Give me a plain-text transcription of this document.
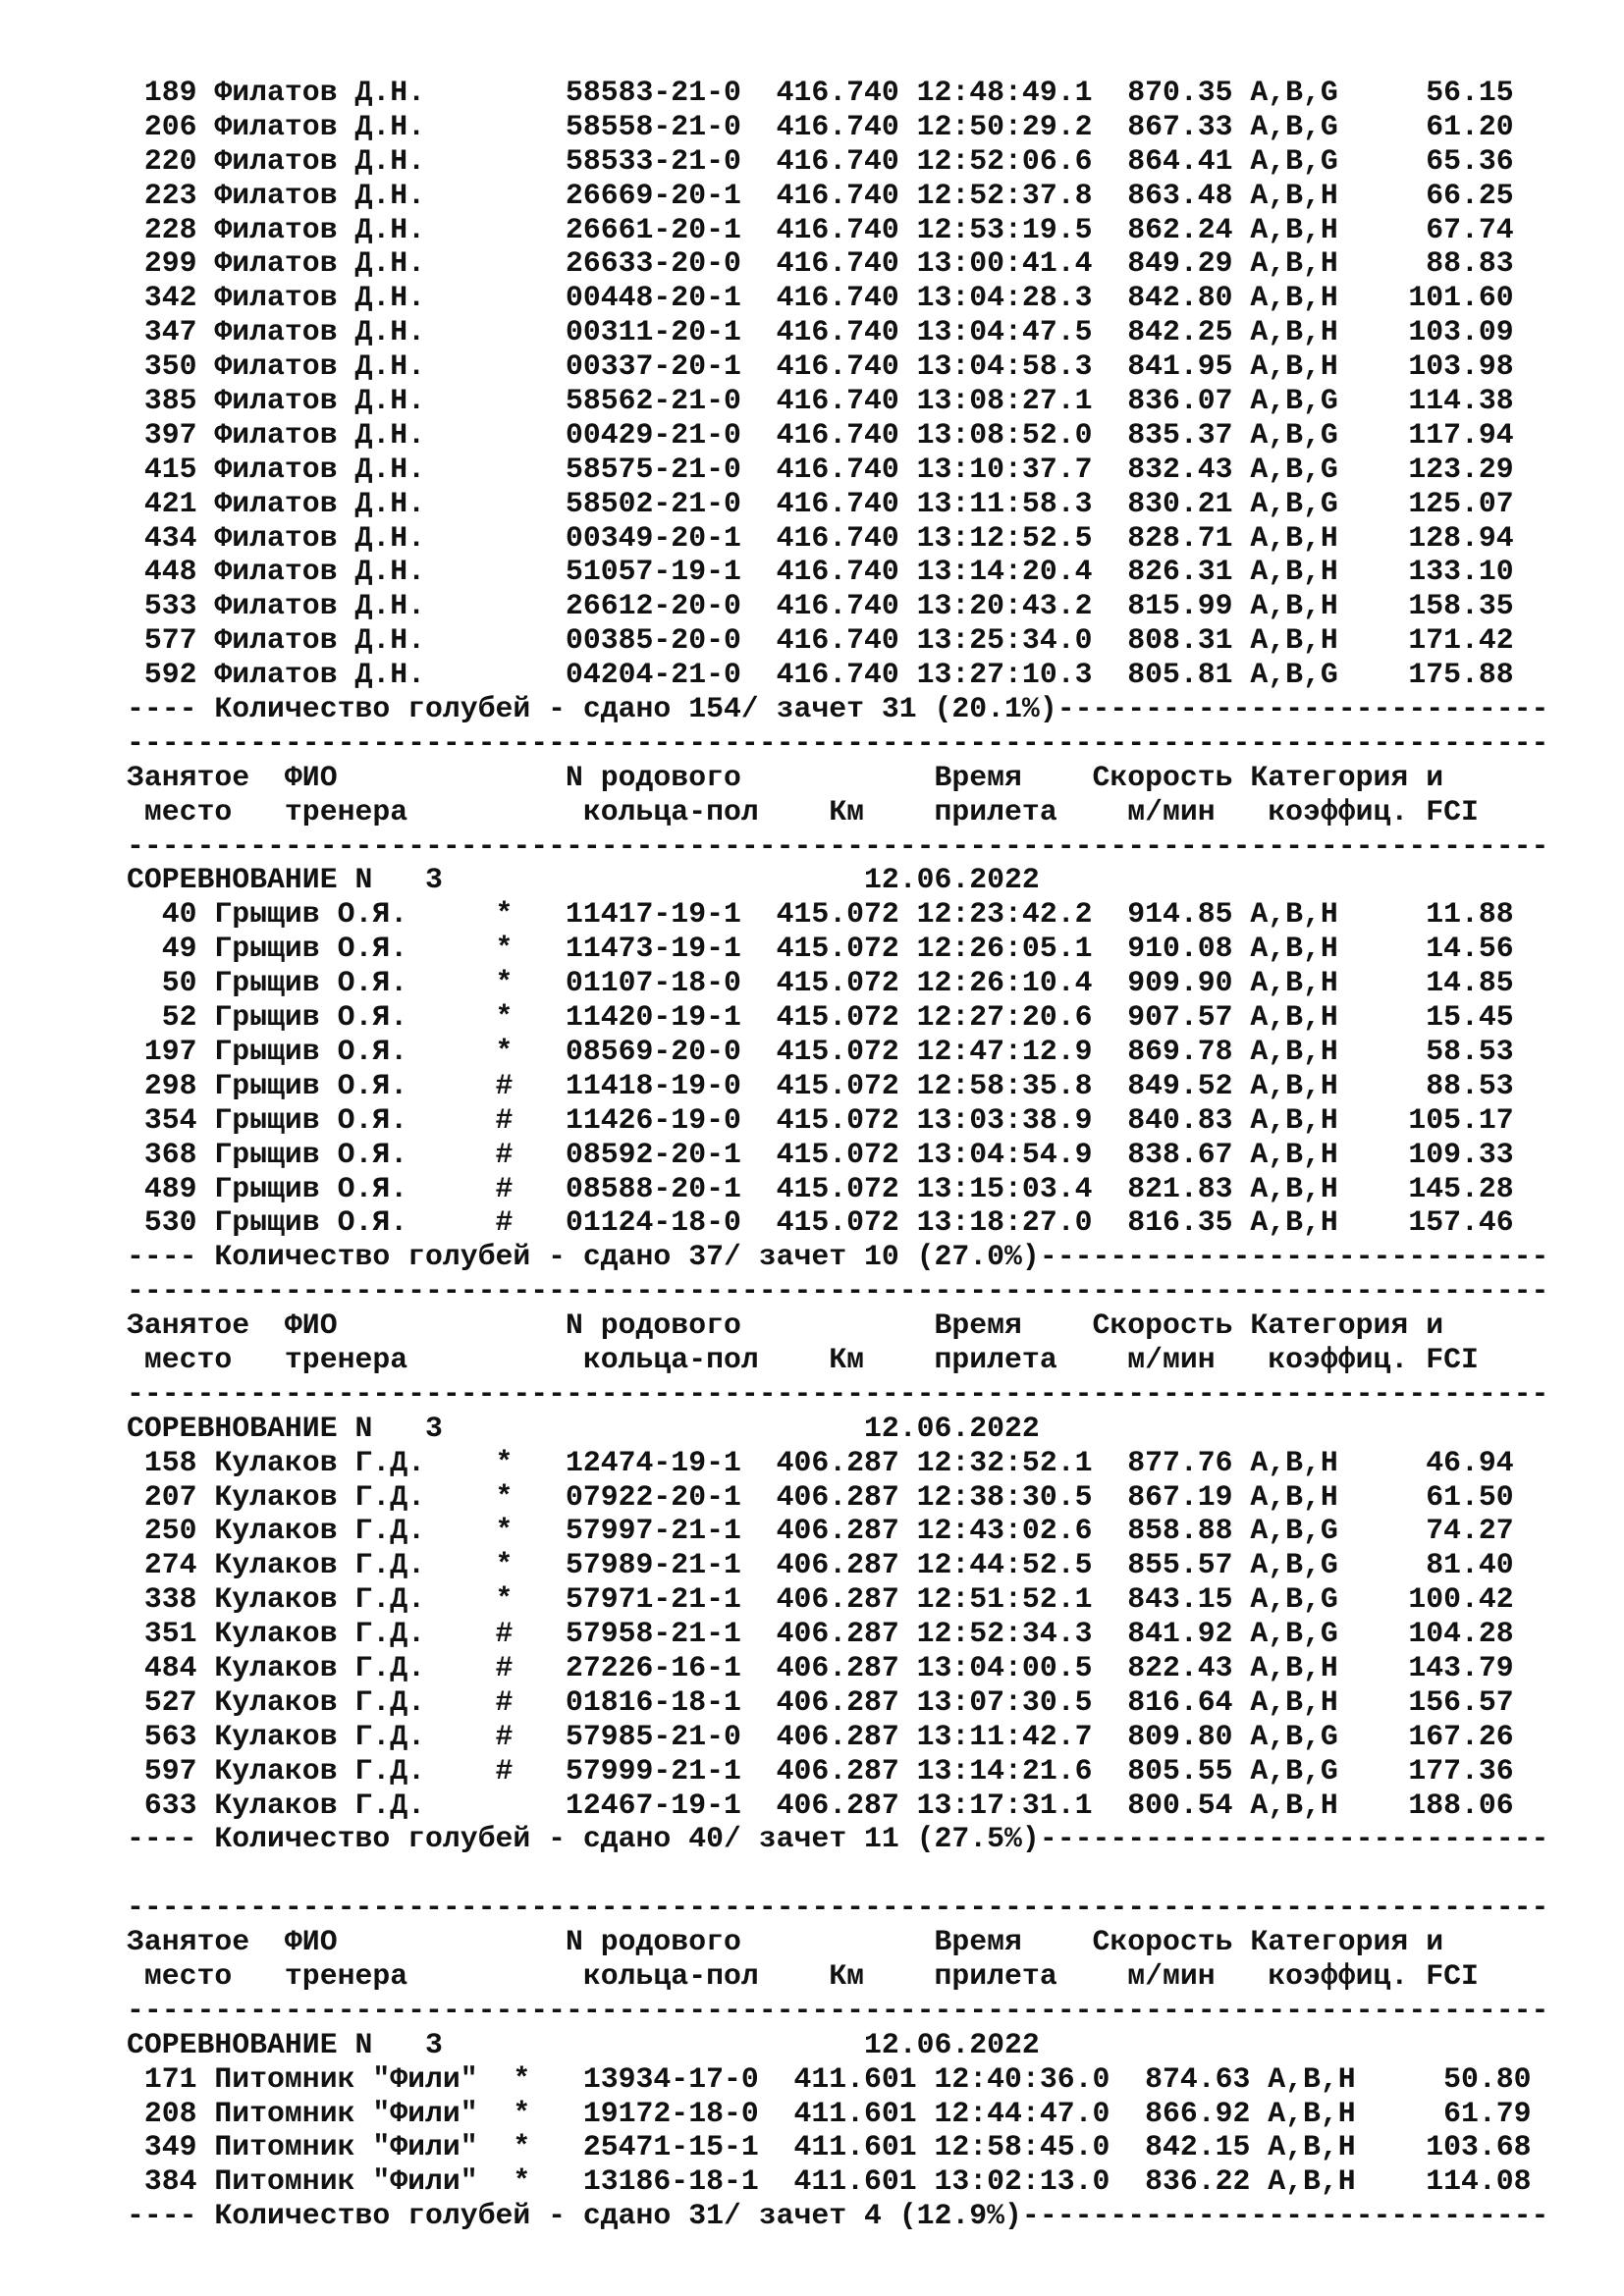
189 Филатов Д.Н.        58583-21-0  416.740 12:48:49.1  870.35 A,B,G     56.15
206 Филатов Д.Н.        58558-21-0  416.740 12:50:29.2  867.33 A,B,G     61.20
220 Филатов Д.Н.        58533-21-0  416.740 12:52:06.6  864.41 A,B,G     65.36
223 Филатов Д.Н.        26669-20-1  416.740 12:52:37.8  863.48 A,B,H     66.25
228 Филатов Д.Н.        26661-20-1  416.740 12:53:19.5  862.24 A,B,H     67.74
299 Филатов Д.Н.        26633-20-0  416.740 13:00:41.4  849.29 A,B,H     88.83
342 Филатов Д.Н.        00448-20-1  416.740 13:04:28.3  842.80 A,B,H    101.60
347 Филатов Д.Н.        00311-20-1  416.740 13:04:47.5  842.25 A,B,H    103.09
350 Филатов Д.Н.        00337-20-1  416.740 13:04:58.3  841.95 A,B,H    103.98
385 Филатов Д.Н.        58562-21-0  416.740 13:08:27.1  836.07 A,B,G    114.38
397 Филатов Д.Н.        00429-21-0  416.740 13:08:52.0  835.37 A,B,G    117.94
415 Филатов Д.Н.        58575-21-0  416.740 13:10:37.7  832.43 A,B,G    123.29
421 Филатов Д.Н.        58502-21-0  416.740 13:11:58.3  830.21 A,B,G    125.07
434 Филатов Д.Н.        00349-20-1  416.740 13:12:52.5  828.71 A,B,H    128.94
448 Филатов Д.Н.        51057-19-1  416.740 13:14:20.4  826.31 A,B,H    133.10
533 Филатов Д.Н.        26612-20-0  416.740 13:20:43.2  815.99 A,B,H    158.35
577 Филатов Д.Н.        00385-20-0  416.740 13:25:34.0  808.31 A,B,H    171.42
592 Филатов Д.Н.        04204-21-0  416.740 13:27:10.3  805.81 A,B,G    175.88
---- Количество голубей - сдано 154/ зачет 31 (20.1%)----------------------------
---------------------------------------------------------------------------------
Занятое  ФИО             N родового           Время    Скорость Категория и
место   тренера          кольца-пол    Км    прилета    м/мин   коэффиц. FCI
---------------------------------------------------------------------------------
СОРЕВНОВАНИЕ N   3                        12.06.2022
40 Грыщив О.Я.     *   11417-19-1  415.072 12:23:42.2  914.85 A,B,H     11.88
49 Грыщив О.Я.     *   11473-19-1  415.072 12:26:05.1  910.08 A,B,H     14.56
50 Грыщив О.Я.     *   01107-18-0  415.072 12:26:10.4  909.90 A,B,H     14.85
52 Грыщив О.Я.     *   11420-19-1  415.072 12:27:20.6  907.57 A,B,H     15.45
197 Грыщив О.Я.     *   08569-20-0  415.072 12:47:12.9  869.78 A,B,H     58.53
298 Грыщив О.Я.     #   11418-19-0  415.072 12:58:35.8  849.52 A,B,H     88.53
354 Грыщив О.Я.     #   11426-19-0  415.072 13:03:38.9  840.83 A,B,H    105.17
368 Грыщив О.Я.     #   08592-20-1  415.072 13:04:54.9  838.67 A,B,H    109.33
489 Грыщив О.Я.     #   08588-20-1  415.072 13:15:03.4  821.83 A,B,H    145.28
530 Грыщив О.Я.     #   01124-18-0  415.072 13:18:27.0  816.35 A,B,H    157.46
---- Количество голубей - сдано 37/ зачет 10 (27.0%)-----------------------------
---------------------------------------------------------------------------------
Занятое  ФИО             N родового           Время    Скорость Категория и
место   тренера          кольца-пол    Км    прилета    м/мин   коэффиц. FCI
---------------------------------------------------------------------------------
СОРЕВНОВАНИЕ N   3                        12.06.2022
158 Кулаков Г.Д.    *   12474-19-1  406.287 12:32:52.1  877.76 A,B,H     46.94
207 Кулаков Г.Д.    *   07922-20-1  406.287 12:38:30.5  867.19 A,B,H     61.50
250 Кулаков Г.Д.    *   57997-21-1  406.287 12:43:02.6  858.88 A,B,G     74.27
274 Кулаков Г.Д.    *   57989-21-1  406.287 12:44:52.5  855.57 A,B,G     81.40
338 Кулаков Г.Д.    *   57971-21-1  406.287 12:51:52.1  843.15 A,B,G    100.42
351 Кулаков Г.Д.    #   57958-21-1  406.287 12:52:34.3  841.92 A,B,G    104.28
484 Кулаков Г.Д.    #   27226-16-1  406.287 13:04:00.5  822.43 A,B,H    143.79
527 Кулаков Г.Д.    #   01816-18-1  406.287 13:07:30.5  816.64 A,B,H    156.57
563 Кулаков Г.Д.    #   57985-21-0  406.287 13:11:42.7  809.80 A,B,G    167.26
597 Кулаков Г.Д.    #   57999-21-1  406.287 13:14:21.6  805.55 A,B,G    177.36
633 Кулаков Г.Д.        12467-19-1  406.287 13:17:31.1  800.54 A,B,H    188.06
---- Количество голубей - сдано 40/ зачет 11 (27.5%)-----------------------------
---------------------------------------------------------------------------------
Занятое  ФИО             N родового           Время    Скорость Категория и
место   тренера          кольца-пол    Км    прилета    м/мин   коэффиц. FCI
---------------------------------------------------------------------------------
СОРЕВНОВАНИЕ N   3                        12.06.2022
171 Питомник "Фили"  *   13934-17-0  411.601 12:40:36.0  874.63 A,B,H     50.80
208 Питомник "Фили"  *   19172-18-0  411.601 12:44:47.0  866.92 A,B,H     61.79
349 Питомник "Фили"  *   25471-15-1  411.601 12:58:45.0  842.15 A,B,H    103.68
384 Питомник "Фили"  *   13186-18-1  411.601 13:02:13.0  836.22 A,B,H    114.08
---- Количество голубей - сдано 31/ зачет 4 (12.9%)------------------------------
